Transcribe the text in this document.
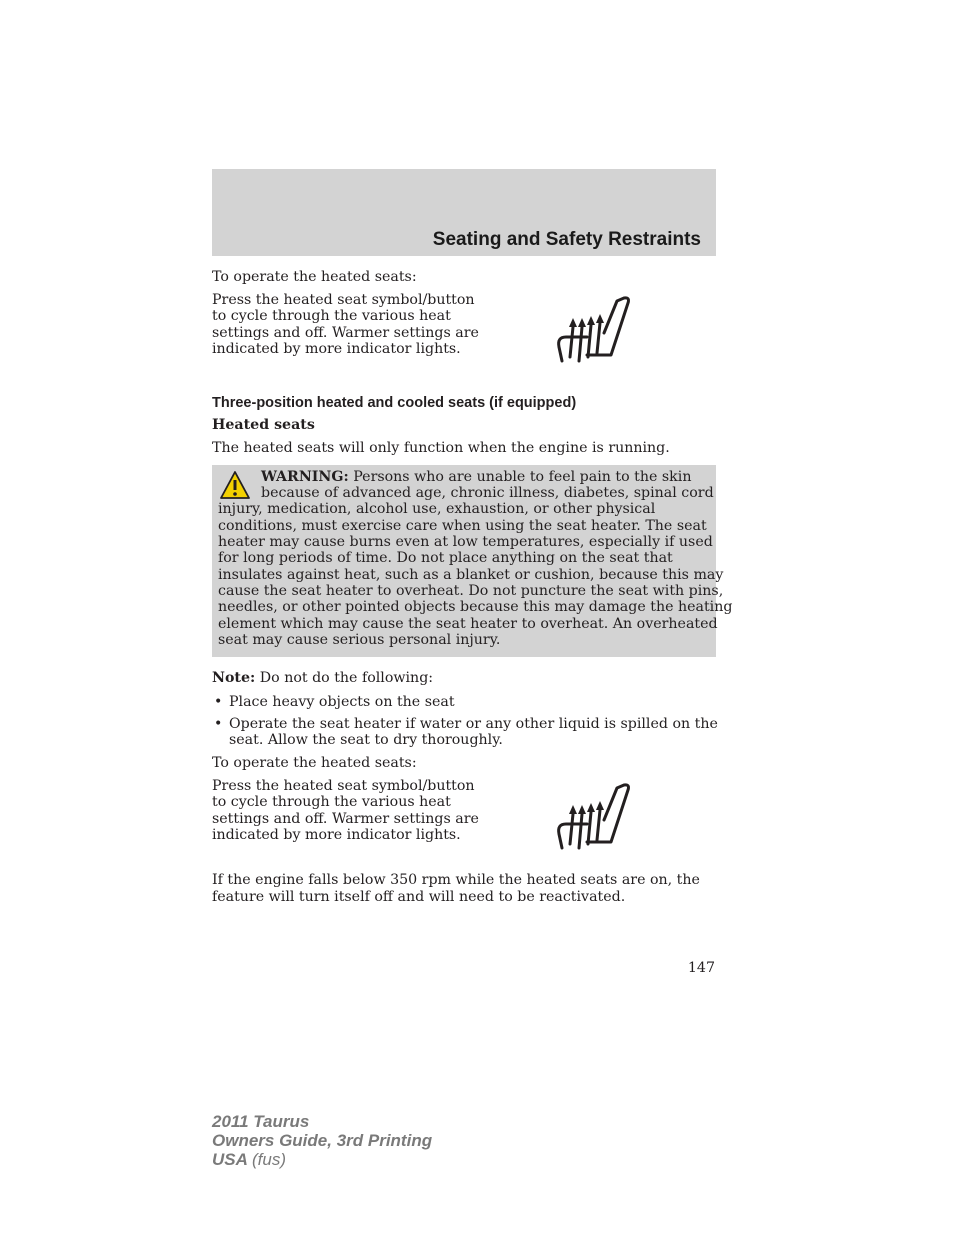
Seating and Safety Restraints
To operate the heated seats:
Press the heated seat symbol/button
to cycle through the various heat
settings and off. Warmer settings are
indicated by more indicator lights.
Three-position heated and cooled seats (if equipped)
Heated seats
The heated seats will only function when the engine is running.
WARNING: Persons who are unable to feel pain to the skin
because of advanced age, chronic illness, diabetes, spinal cord
injury, medication, alcohol use, exhaustion, or other physical
conditions, must exercise care when using the seat heater. The seat
heater may cause burns even at low temperatures, especially if used
for long periods of time. Do not place anything on the seat that
insulates against heat, such as a blanket or cushion, because this may
cause the seat heater to overheat. Do not puncture the seat with pins,
needles, or other pointed objects because this may damage the heating
element which may cause the seat heater to overheat. An overheated
seat may cause serious personal injury.
Note: Do not do the following:
• Place heavy objects on the seat
• Operate the seat heater if water or any other liquid is spilled on the
seat. Allow the seat to dry thoroughly.
To operate the heated seats:
Press the heated seat symbol/button
to cycle through the various heat
settings and off. Warmer settings are
indicated by more indicator lights.
If the engine falls below 350 rpm while the heated seats are on, the
feature will turn itself off and will need to be reactivated.
147
2011 Taurus
Owners Guide, 3rd Printing
USA (fus)
